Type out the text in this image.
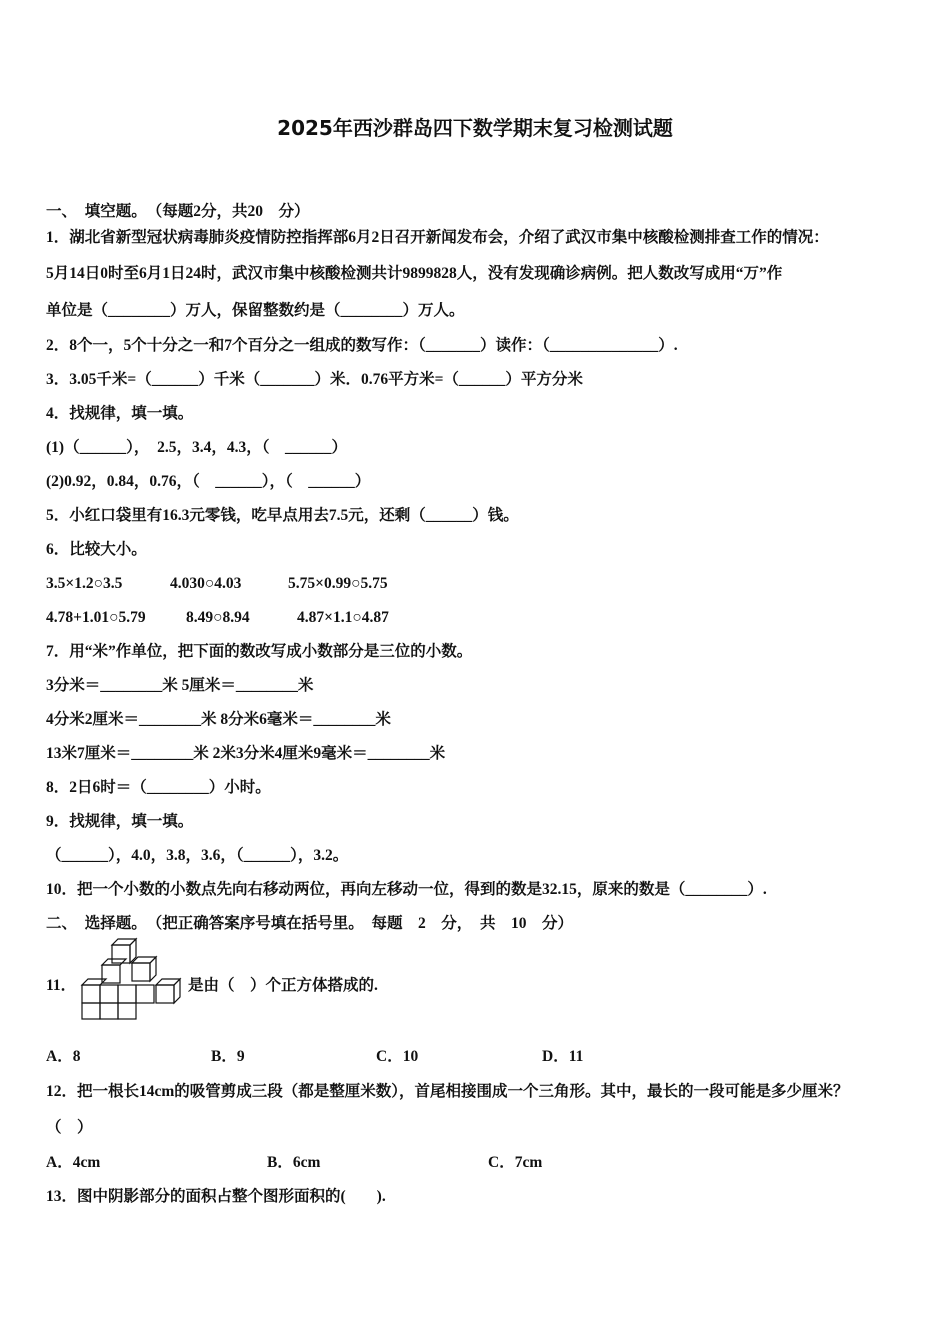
2025年西沙群岛四下数学期末复习检测试题
一、　填空题。　（每题2分，共20　分）
1．湖北省新型冠状病毒肺炎疫情防控指挥部6月2日召开新闻发布会，介绍了武汉市集中核酸检测排查工作的情况：
5月14日0时至6月1日24时，武汉市集中核酸检测共计9899828人，没有发现确诊病例。把人数改写成用“万”作
单位是（________）万人，保留整数约是（________）万人。
2．8个一，5个十分之一和7个百分之一组成的数写作：（_______）读作：（______________）.
3．3.05千米=（______）千米（_______）米．0.76平方米=（______）平方分米
4．找规律，填一填。
(1)（______），　2.5，3.4，4.3，（　______）
(2)0.92，0.84，0.76，（　______），（　______）
5．小红口袋里有16.3元零钱，吃早点用去7.5元，还剩（______）钱。
6．比较大小。
3.5×1.2○3.5	4.030○4.03	5.75×0.99○5.75
4.78+1.01○5.79	8.49○8.94	4.87×1.1○4.87
7．用“米”作单位，把下面的数改写成小数部分是三位的小数。
3分米＝________米 5厘米＝________米
4分米2厘米＝________米 8分米6毫米＝________米
13米7厘米＝________米 2米3分米4厘米9毫米＝________米
8．2日6时＝（________）小时。
9．找规律，填一填。
（______），4.0，3.8，3.6，（______），3.2。
10．把一个小数的小数点先向右移动两位，再向左移动一位，得到的数是32.15，原来的数是（________）.
二、　选择题。　（把正确答案序号填在括号里。　每题　2　分，　共　10　分）
11．	是由（　）个正方体搭成的.
A．8	B．9	C．10	D．11
12．把一根长14cm的吸管剪成三段（都是整厘米数），首尾相接围成一个三角形。其中，最长的一段可能是多少厘米？
（　）
A．4cm	B．6cm	C．7cm
13．图中阴影部分的面积占整个图形面积的(　　).
